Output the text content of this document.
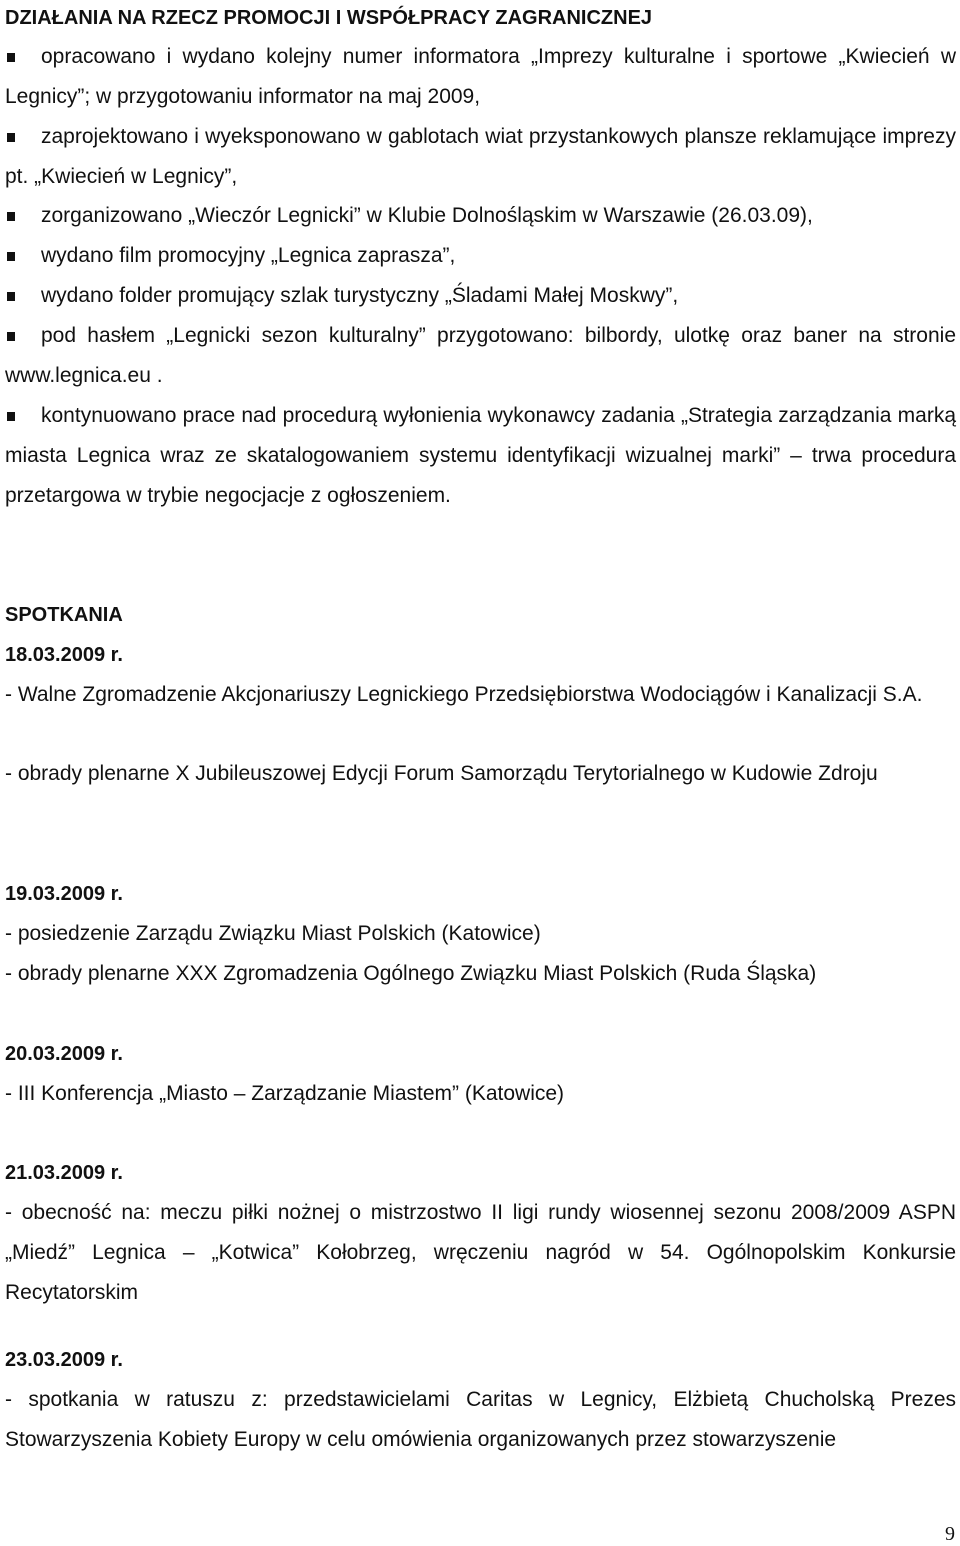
DZIAŁANIA NA RZECZ PROMOCJI I WSPÓŁPRACY ZAGRANICZNEJ
opracowano i wydano kolejny numer informatora „Imprezy kulturalne i sportowe „Kwiecień w Legnicy”; w przygotowaniu informator na maj 2009,
zaprojektowano i wyeksponowano w gablotach wiat przystankowych plansze reklamujące imprezy pt. „Kwiecień w Legnicy”,
zorganizowano „Wieczór Legnicki” w Klubie Dolnośląskim w Warszawie (26.03.09),
wydano film promocyjny „Legnica zaprasza”,
wydano folder promujący szlak turystyczny „Śladami Małej Moskwy”,
pod hasłem „Legnicki sezon kulturalny” przygotowano: bilbordy, ulotkę oraz baner na stronie www.legnica.eu .
kontynuowano prace nad procedurą wyłonienia wykonawcy zadania „Strategia zarządzania marką miasta Legnica wraz ze skatalogowaniem systemu identyfikacji wizualnej marki” – trwa procedura przetargowa w trybie negocjacje z ogłoszeniem.
SPOTKANIA
18.03.2009 r.
- Walne Zgromadzenie Akcjonariuszy Legnickiego Przedsiębiorstwa Wodociągów i Kanalizacji S.A.
- obrady plenarne X Jubileuszowej Edycji Forum Samorządu Terytorialnego w Kudowie Zdroju
19.03.2009 r.
- posiedzenie Zarządu Związku Miast Polskich (Katowice)
- obrady plenarne XXX Zgromadzenia Ogólnego Związku Miast Polskich (Ruda Śląska)
20.03.2009 r.
- III Konferencja „Miasto – Zarządzanie Miastem” (Katowice)
21.03.2009 r.
- obecność na: meczu piłki nożnej o mistrzostwo II ligi rundy wiosennej sezonu 2008/2009 ASPN „Miedź” Legnica – „Kotwica” Kołobrzeg, wręczeniu nagród w 54. Ogólnopolskim Konkursie Recytatorskim
23.03.2009 r.
- spotkania w ratuszu z: przedstawicielami Caritas w Legnicy, Elżbietą Chucholską Prezes Stowarzyszenia Kobiety Europy w celu omówienia organizowanych przez stowarzyszenie
9
